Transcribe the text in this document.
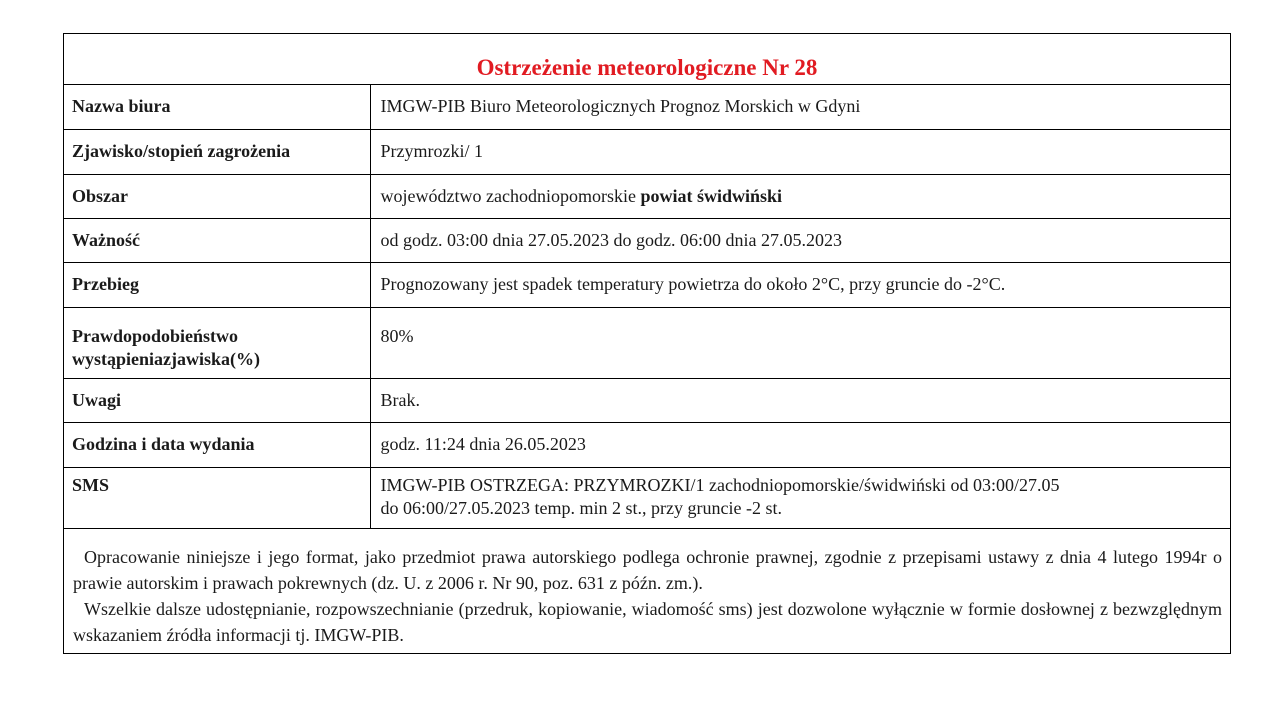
Ostrzeżenie meteorologiczne Nr 28
Nazwa biura	IMGW-PIB Biuro Meteorologicznych Prognoz Morskich w Gdyni
Zjawisko/stopień zagrożenia	Przymrozki/ 1
Obszar	województwo zachodniopomorskie powiat świdwiński
Ważność	od godz. 03:00 dnia 27.05.2023 do godz. 06:00 dnia 27.05.2023
Przebieg	Prognozowany jest spadek temperatury powietrza do około 2°C, przy gruncie do -2°C.
Prawdopodobieństwo
wystąpieniazjawiska(%)	80%
Uwagi	Brak.
Godzina i data wydania	godz. 11:24 dnia 26.05.2023
SMS	IMGW-PIB OSTRZEGA: PRZYMROZKI/1 zachodniopomorskie/świdwiński od 03:00/27.05
do 06:00/27.05.2023 temp. min 2 st., przy gruncie -2 st.

Opracowanie niniejsze i jego format, jako przedmiot prawa autorskiego podlega ochronie prawnej, zgodnie z przepisami ustawy z dnia 4 lutego 1994r o prawie autorskim i prawach pokrewnych (dz. U. z 2006 r. Nr 90, poz. 631 z późn. zm.).

Wszelkie dalsze udostępnianie, rozpowszechnianie (przedruk, kopiowanie, wiadomość sms) jest dozwolone wyłącznie w formie dosłownej z bezwzględnym wskazaniem źródła informacji tj. IMGW-PIB.
